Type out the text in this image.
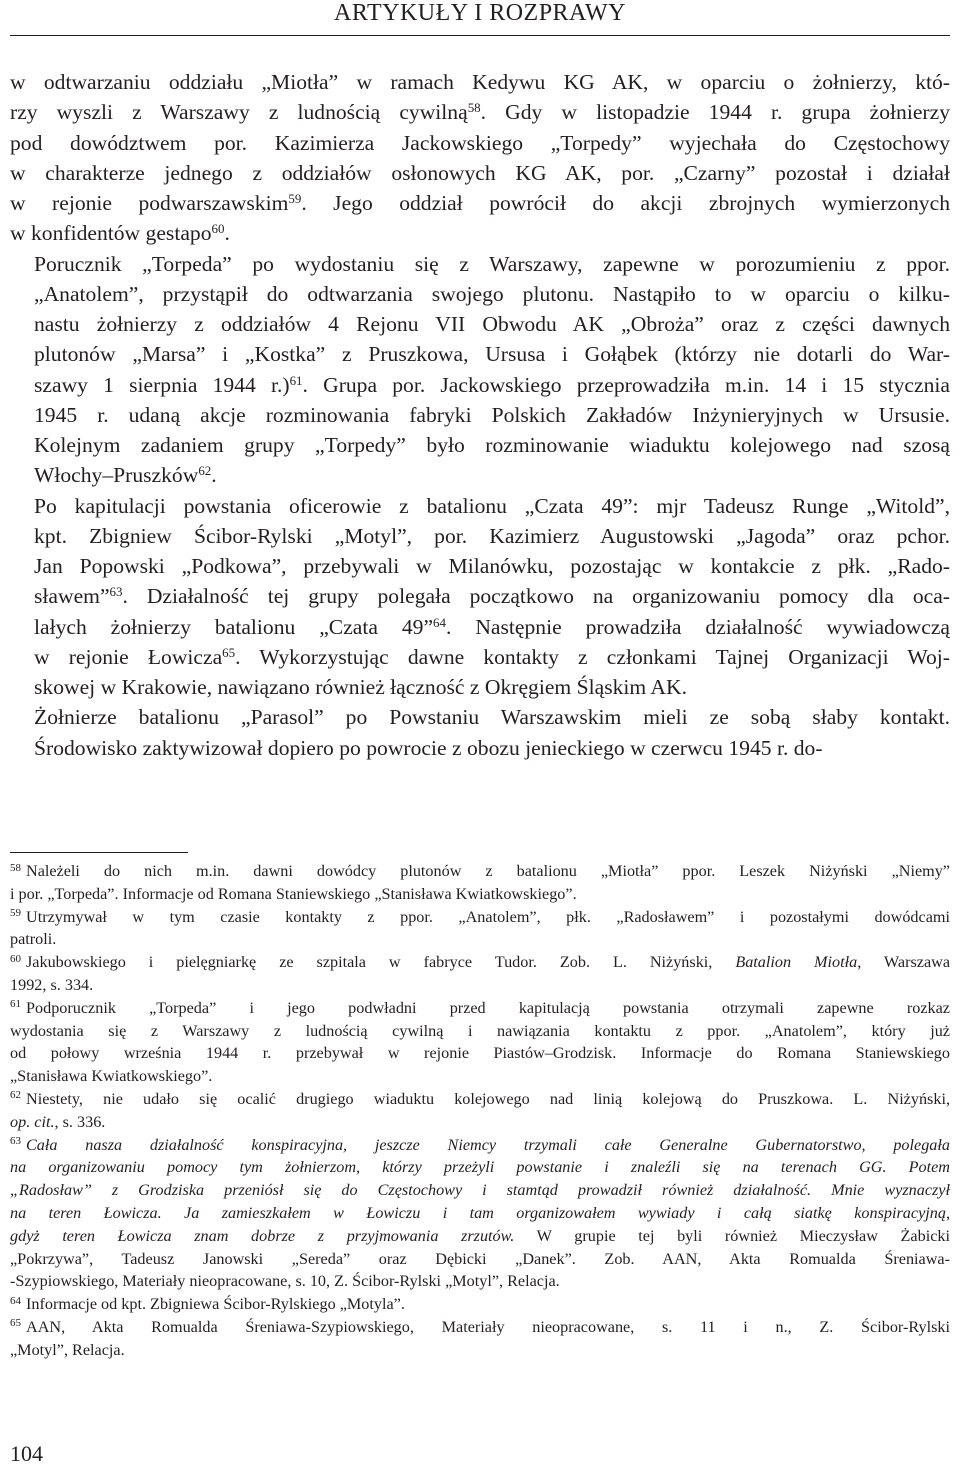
ARTYKUŁY I ROZPRAWY

w odtwarzaniu oddziału „Miotła” w ramach Kedywu KG AK, w oparciu o żołnierzy, któ-
rzy wyszli z Warszawy z ludnością cywilną$^{58}$. Gdy w listopadzie 1944 r. grupa żołnierzy
pod dowództwem por. Kazimierza Jackowskiego „Torpedy” wyjechała do Częstochowy
w charakterze jednego z oddziałów osłonowych KG AK, por. „Czarny” pozostał i działał
w rejonie podwarszawskim$^{59}$. Jego oddział powrócił do akcji zbrojnych wymierzonych
w konfidentów gestapo$^{60}$.

Porucznik „Torpeda” po wydostaniu się z Warszawy, zapewne w porozumieniu z ppor.
„Anatolem”, przystąpił do odtwarzania swojego plutonu. Nastąpiło to w oparciu o kilku-
nastu żołnierzy z oddziałów 4 Rejonu VII Obwodu AK „Obroża” oraz z części dawnych
plutonów „Marsa” i „Kostka” z Pruszkowa, Ursusa i Gołąbek (którzy nie dotarli do War-
szawy 1 sierpnia 1944 r.)$^{61}$. Grupa por. Jackowskiego przeprowadziła m.in. 14 i 15 stycznia
1945 r. udaną akcje rozminowania fabryki Polskich Zakładów Inżynieryjnych w Ursusie.
Kolejnym zadaniem grupy „Torpedy” było rozminowanie wiaduktu kolejowego nad szosą
Włochy–Pruszków$^{62}$.

Po kapitulacji powstania oficerowie z batalionu „Czata 49”: mjr Tadeusz Runge „Witold”,
kpt. Zbigniew Ścibor-Rylski „Motyl”, por. Kazimierz Augustowski „Jagoda” oraz pchor.
Jan Popowski „Podkowa”, przebywali w Milanówku, pozostając w kontakcie z płk. „Rado-
sławem”$^{63}$. Działalność tej grupy polegała początkowo na organizowaniu pomocy dla oca-
lałych żołnierzy batalionu „Czata 49”$^{64}$. Następnie prowadziła działalność wywiadowczą
w rejonie Łowicza$^{65}$. Wykorzystując dawne kontakty z członkami Tajnej Organizacji Woj-
skowej w Krakowie, nawiązano również łączność z Okręgiem Śląskim AK.

Żołnierze batalionu „Parasol” po Powstaniu Warszawskim mieli ze sobą słaby kontakt.
Środowisko zaktywizował dopiero po powrocie z obozu jenieckiego w czerwcu 1945 r. do-

$^{58}$ Należeli do nich m.in. dawni dowódcy plutonów z batalionu „Miotła” ppor. Leszek Niżyński „Niemy”
i por. „Torpeda”. Informacje od Romana Staniewskiego „Stanisława Kwiatkowskiego”.

$^{59}$ Utrzymywał w tym czasie kontakty z ppor. „Anatolem”, płk. „Radosławem” i pozostałymi dowódcami
patroli.

$^{60}$ Jakubowskiego i pielęgniarkę ze szpitala w fabryce Tudor. Zob. L. Niżyński, Batalion Miotła, Warszawa
1992, s. 334.

$^{61}$ Podporucznik „Torpeda” i jego podwładni przed kapitulacją powstania otrzymali zapewne rozkaz
wydostania się z Warszawy z ludnością cywilną i nawiązania kontaktu z ppor. „Anatolem”, który już
od połowy września 1944 r. przebywał w rejonie Piastów–Grodzisk. Informacje do Romana Staniewskiego
„Stanisława Kwiatkowskiego”.

$^{62}$ Niestety, nie udało się ocalić drugiego wiaduktu kolejowego nad linią kolejową do Pruszkowa. L. Niżyński,
op. cit., s. 336.

$^{63}$ Cała nasza działalność konspiracyjna, jeszcze Niemcy trzymali całe Generalne Gubernatorstwo, polegała
na organizowaniu pomocy tym żołnierzom, którzy przeżyli powstanie i znaleźli się na terenach GG. Potem
„Radosław” z Grodziska przeniósł się do Częstochowy i stamtąd prowadził również działalność. Mnie wyznaczył
na teren Łowicza. Ja zamieszkałem w Łowiczu i tam organizowałem wywiady i całą siatkę konspiracyjną,
gdyż teren Łowicza znam dobrze z przyjmowania zrzutów. W grupie tej byli również Mieczysław Żabicki
„Pokrzywa”, Tadeusz Janowski „Sereda” oraz Dębicki „Danek”. Zob. AAN, Akta Romualda Śreniawa-
-Szypiowskiego, Materiały nieopracowane, s. 10, Z. Ścibor-Rylski „Motyl”, Relacja.

$^{64}$ Informacje od kpt. Zbigniewa Ścibor-Rylskiego „Motyla”.

$^{65}$ AAN, Akta Romualda Śreniawa-Szypiowskiego, Materiały nieopracowane, s. 11 i n., Z. Ścibor-Rylski
„Motyl”, Relacja.

104
